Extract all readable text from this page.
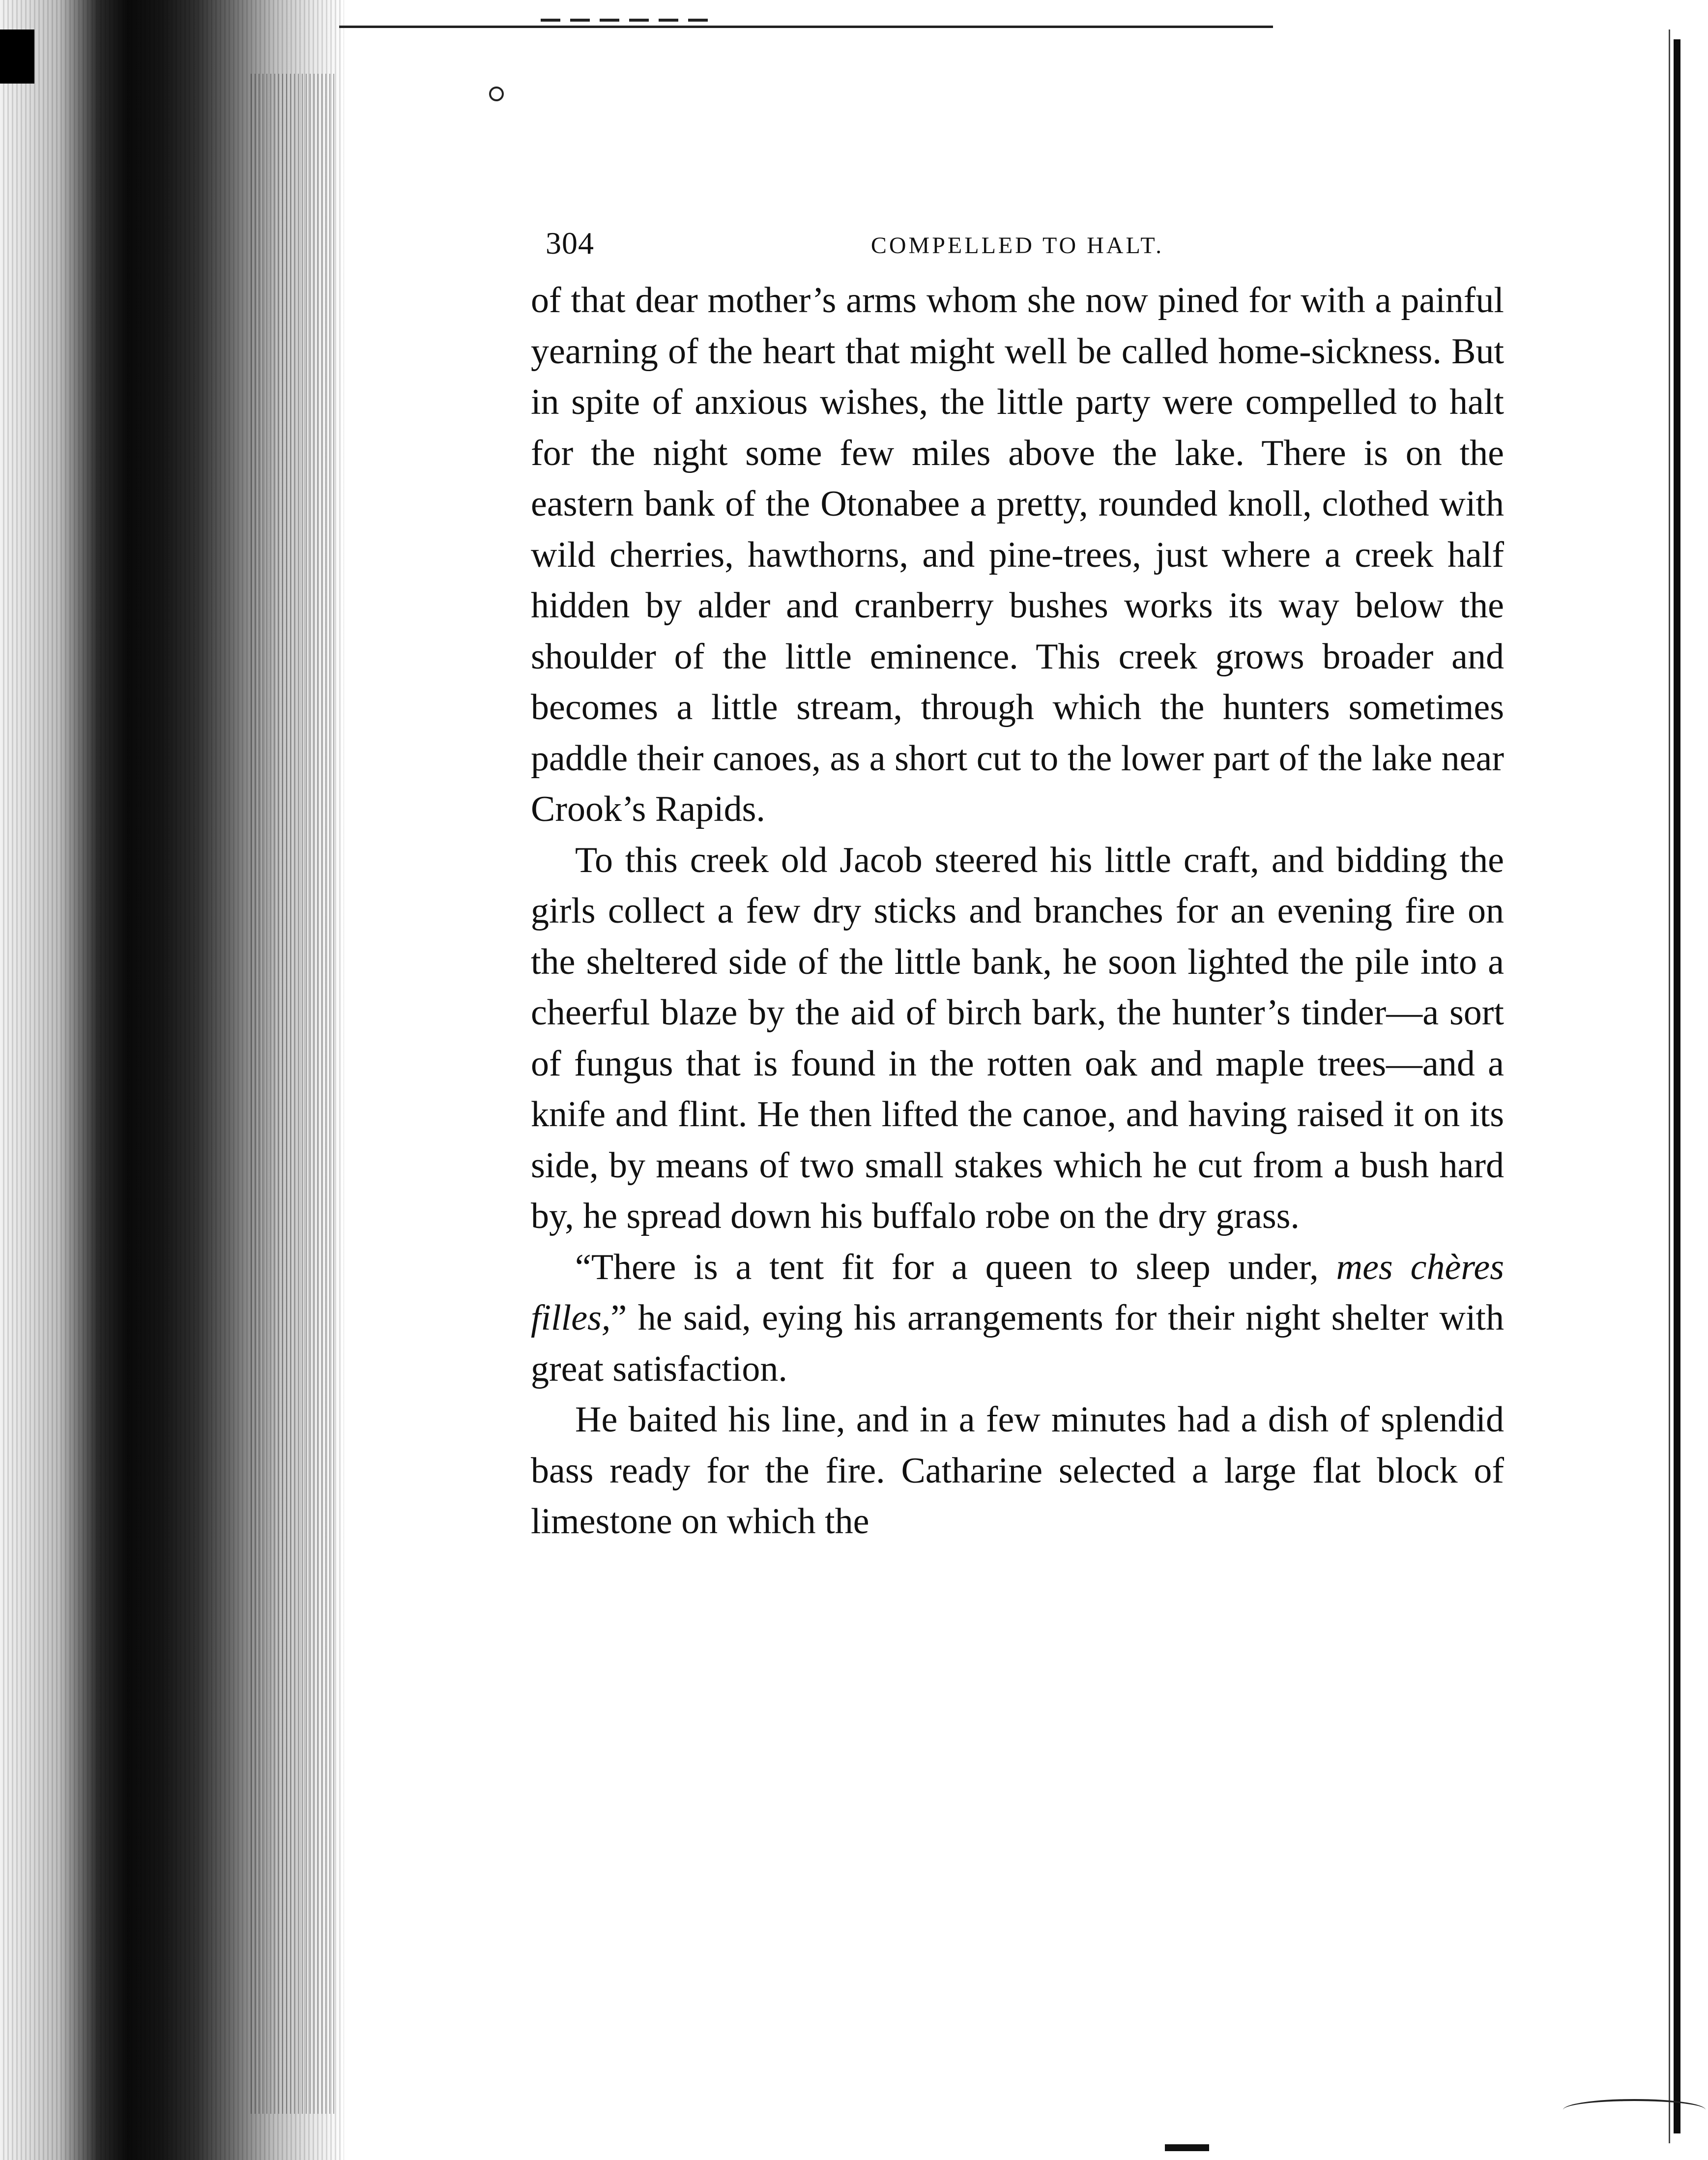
304	COMPELLED TO HALT.

of that dear mother’s arms whom she now pined for with a painful yearning of the heart that might well be called home-sickness. But in spite of anxious wishes, the little party were compelled to halt for the night some few miles above the lake. There is on the eastern bank of the Otonabee a pretty, rounded knoll, clothed with wild cherries, hawthorns, and pine-trees, just where a creek half hidden by alder and cranberry bushes works its way below the shoulder of the little eminence. This creek grows broader and becomes a little stream, through which the hunters sometimes paddle their canoes, as a short cut to the lower part of the lake near Crook’s Rapids.

To this creek old Jacob steered his little craft, and bidding the girls collect a few dry sticks and branches for an evening fire on the sheltered side of the little bank, he soon lighted the pile into a cheerful blaze by the aid of birch bark, the hunter’s tinder—a sort of fungus that is found in the rotten oak and maple trees—and a knife and flint. He then lifted the canoe, and having raised it on its side, by means of two small stakes which he cut from a bush hard by, he spread down his buffalo robe on the dry grass.

“There is a tent fit for a queen to sleep under, mes chères filles,” he said, eying his arrangements for their night shelter with great satisfaction.

He baited his line, and in a few minutes had a dish of splendid bass ready for the fire. Catharine selected a large flat block of limestone on which the
